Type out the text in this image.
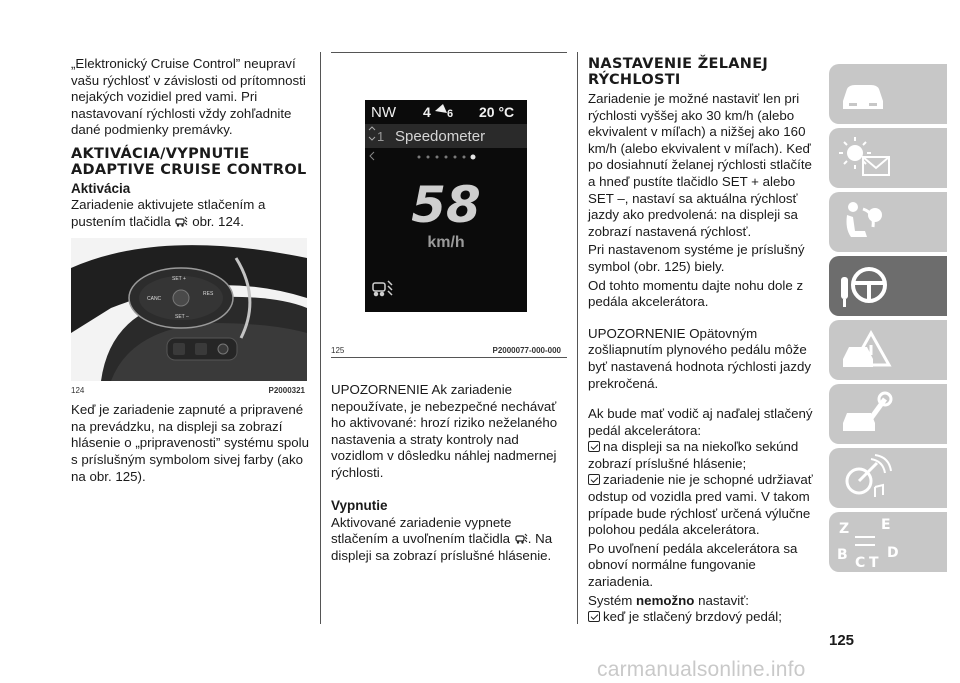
„Elektronický Cruise Control” neupraví vašu rýchlosť v závislosti od prítomnosti nejakých vozidiel pred vami. Pri nastavovaní rýchlosti vždy zohľadnite dané podmienky premávky.

AKTIVÁCIA/VYPNUTIE ADAPTIVE CRUISE CONTROL
Aktivácia

Zariadenie aktivujete stlačením a pustením tlačidla obr. 124.

SET +
CANC
RES
SET –
124	P2000321

Keď je zariadenie zapnuté a pripravené na prevádzku, na displeji sa zobrazí hlásenie o „pripravenosti” systému spolu s príslušným symbolom sivej farby (ako na obr. 125).

NW 4 6 20 °C
1 Speedometer
58
km/h
125	P2000077-000-000

UPOZORNENIE Ak zariadenie nepoužívate, je nebezpečné nechávať ho aktivované: hrozí riziko neželaného nastavenia a straty kontroly nad vozidlom v dôsledku náhlej nadmernej rýchlosti.

Vypnutie

Aktivované zariadenie vypnete stlačením a uvoľnením tlačidla . Na displeji sa zobrazí príslušné hlásenie.

NASTAVENIE ŽELANEJ RÝCHLOSTI

Zariadenie je možné nastaviť len pri rýchlosti vyššej ako 30 km/h (alebo ekvivalent v míľach) a nižšej ako 160 km/h (alebo ekvivalent v míľach). Keď po dosiahnutí želanej rýchlosti stlačíte a hneď pustíte tlačidlo SET + alebo SET –, nastaví sa aktuálna rýchlosť jazdy ako predvolená: na displeji sa zobrazí nastavená rýchlosť.

Pri nastavenom systéme je príslušný symbol (obr. 125) biely.

Od tohto momentu dajte nohu dole z pedála akcelerátora.

UPOZORNENIE Opätovným zošliapnutím plynového pedálu môže byť nastavená hodnota rýchlosti jazdy prekročená.

Ak bude mať vodič aj naďalej stlačený pedál akcelerátora:

na displeji sa na niekoľko sekúnd zobrazí príslušné hlásenie;

zariadenie nie je schopné udržiavať odstup od vozidla pred vami. V takom prípade bude rýchlosť určená výlučne polohou pedála akcelerátora.

Po uvoľnení pedála akcelerátora sa obnoví normálne fungovanie zariadenia.

Systém nemožno nastaviť:

keď je stlačený brzdový pedál;

Z E
B C T
D
125
carmanualsonline.info
